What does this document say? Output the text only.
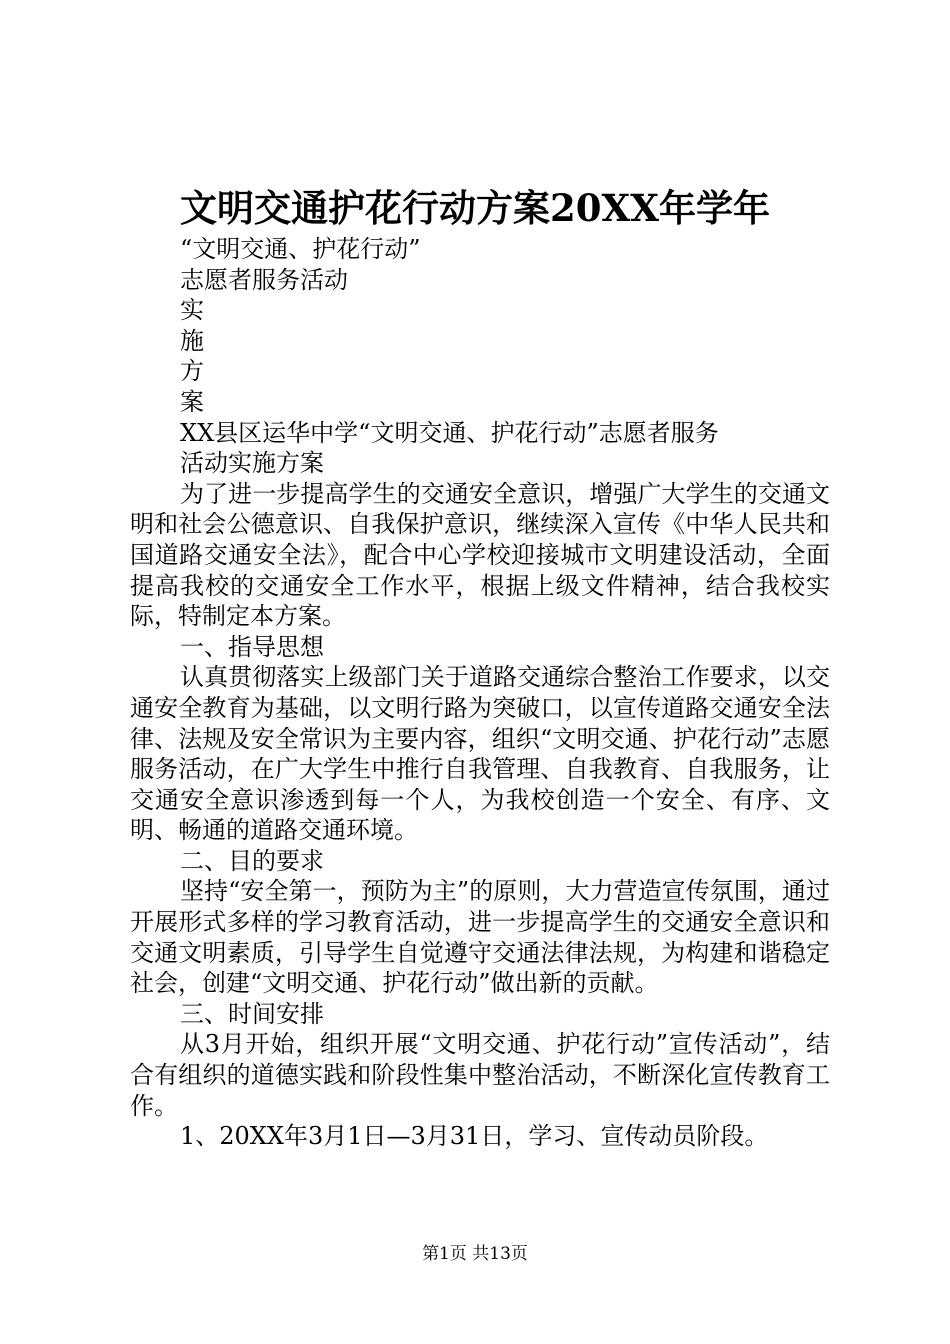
文明交通护花行动方案20XX年学年

“文明交通、护花行动”

志愿者服务活动

实

施

方

案

XX县区运华中学“文明交通、护花行动”志愿者服务

活动实施方案

为了进一步提高学生的交通安全意识，增强广大学生的交通文明和社会公德意识、自我保护意识，继续深入宣传《中华人民共和国道路交通安全法》，配合中心学校迎接城市文明建设活动，全面提高我校的交通安全工作水平，根据上级文件精神，结合我校实际，特制定本方案。

一、指导思想

认真贯彻落实上级部门关于道路交通综合整治工作要求，以交通安全教育为基础，以文明行路为突破口，以宣传道路交通安全法律、法规及安全常识为主要内容，组织“文明交通、护花行动”志愿服务活动，在广大学生中推行自我管理、自我教育、自我服务，让交通安全意识渗透到每一个人，为我校创造一个安全、有序、文明、畅通的道路交通环境。

二、目的要求

坚持“安全第一，预防为主”的原则，大力营造宣传氛围，通过开展形式多样的学习教育活动，进一步提高学生的交通安全意识和交通文明素质，引导学生自觉遵守交通法律法规，为构建和谐稳定社会，创建“文明交通、护花行动”做出新的贡献。

三、时间安排

从3月开始，组织开展“文明交通、护花行动”宣传活动”，结合有组织的道德实践和阶段性集中整治活动，不断深化宣传教育工作。

1、20XX年3月1日—3月31日，学习、宣传动员阶段。

第1页 共13页
